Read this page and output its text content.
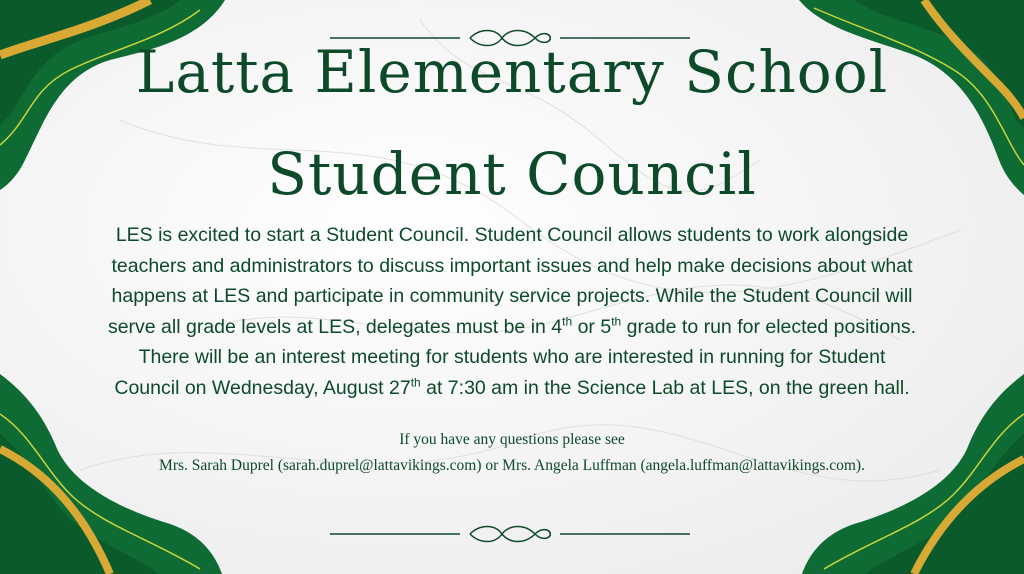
Latta Elementary School
Student Council

LES is excited to start a Student Council. Student Council allows students to work alongside
teachers and administrators to discuss important issues and help make decisions about what
happens at LES and participate in community service projects. While the Student Council will
serve all grade levels at LES, delegates must be in 4th or 5th grade to run for elected positions.
There will be an interest meeting for students who are interested in running for Student
Council on Wednesday, August 27th at 7:30 am in the Science Lab at LES, on the green hall.

If you have any questions please see

Mrs. Sarah Duprel (sarah.duprel@lattavikings.com) or Mrs. Angela Luffman (angela.luffman@lattavikings.com).
